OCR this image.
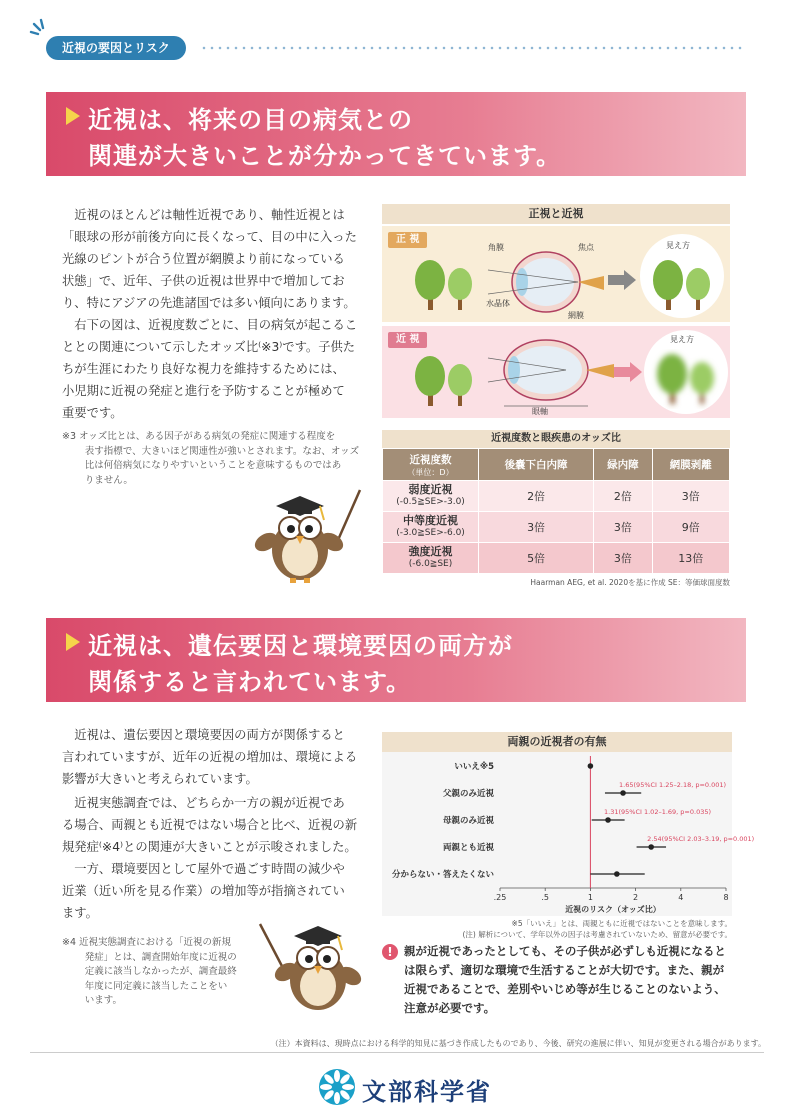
近視の要因とリスク
近視は、将来の目の病気との
関連が大きいことが分かってきています。
近視のほとんどは軸性近視であり、軸性近視とは
「眼球の形が前後方向に長くなって、目の中に入った
光線のピントが合う位置が網膜より前になっている
状態」で、近年、子供の近視は世界中で増加してお
り、特にアジアの先進諸国では多い傾向にあります。
右下の図は、近視度数ごとに、目の病気が起こるこ
ととの関連について示したオッズ比⁽※3⁾です。子供た
ちが生涯にわたり良好な視力を維持するためには、
小児期に近視の発症と進行を予防することが極めて
重要です。
※3 オッズ比とは、ある因子がある病気の発症に関連する程度を
表す指標で、大きいほど関連性が強いとされます。なお、オッズ
比は何倍病気になりやすいということを意味するものではあ
りません。
正視と近視
正 視
角膜	焦点
水晶体
網膜
見え方
近 視
眼軸
見え方
近視度数と眼疾患のオッズ比
近視度数
（単位：D）	後嚢下白内障	緑内障	網膜剥離
弱度近視
(-0.5≧SE>-3.0)	2倍	2倍	3倍
中等度近視
(-3.0≧SE>-6.0)	3倍	3倍	9倍
強度近視
(-6.0≧SE)	5倍	3倍	13倍
Haarman AEG, et al. 2020を基に作成 SE：等価球面度数
近視は、遺伝要因と環境要因の両方が
関係すると言われています。
近視は、遺伝要因と環境要因の両方が関係すると
言われていますが、近年の近視の増加は、環境による
影響が大きいと考えられています。
近視実態調査では、どちらか一方の親が近視であ
る場合、両親とも近視ではない場合と比べ、近視の新
規発症⁽※4⁾との関連が大きいことが示唆されました。
一方、環境要因として屋外で過ごす時間の減少や
近業（近い所を見る作業）の増加等が指摘されてい
ます。
※4 近視実態調査における「近視の新規
発症」とは、調査開始年度に近視の
定義に該当しなかったが、調査最終
年度に同定義に該当したことをい
います。
両親の近視者の有無
.25	.5	1	2	4	8
近視のリスク（オッズ比）
いいえ※5
父親のみ近視
1.65(95%CI 1.25–2.18, p=0.001)
母親のみ近視
1.31(95%CI 1.02–1.69, p=0.035)
両親とも近視
2.54(95%CI 2.03–3.19, p=0.001)
分からない・答えたくない
※5「いいえ」とは、両親ともに近視ではないことを意味します。
(注) 解析について、学年以外の因子は考慮されていないため、留意が必要です。
! 親が近視であったとしても、その子供が必ずしも近視になるとは限らず、適切な環境で生活することが大切です。また、親が近視であることで、差別やいじめ等が生じることのないよう、注意が必要です。
（注）本資料は、現時点における科学的知見に基づき作成したものであり、今後、研究の進展に伴い、知見が変更される場合があります。
文部科学省
